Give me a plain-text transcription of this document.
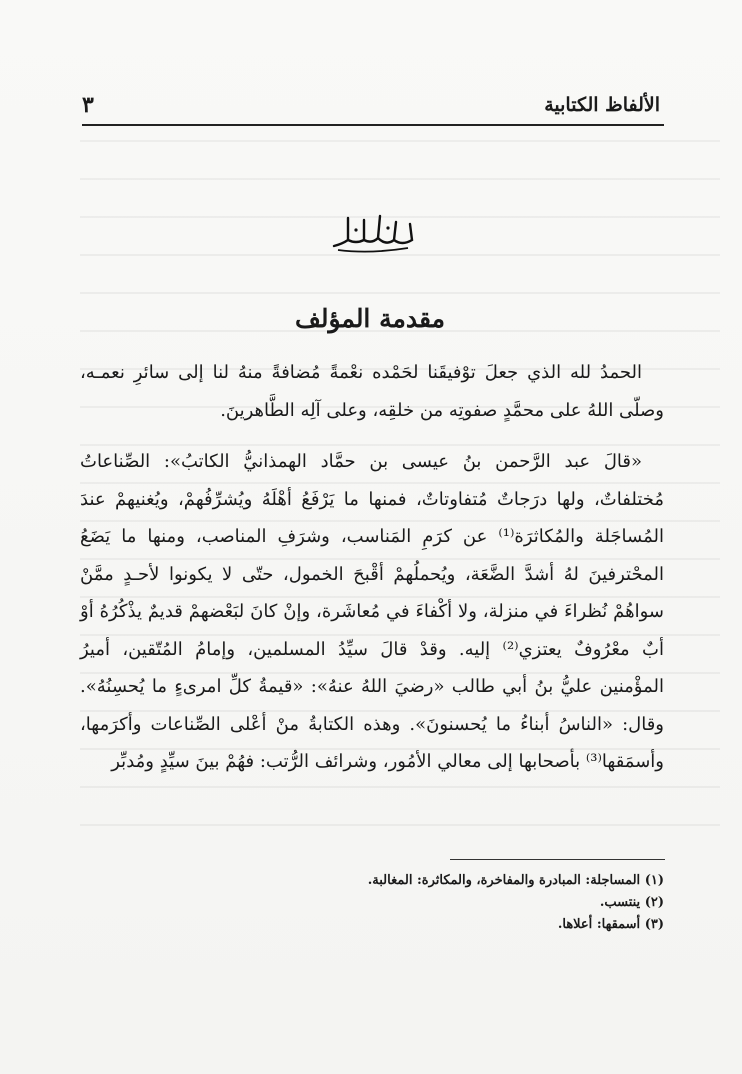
الألفاظ الكتابية
٣
مقدمة المؤلف

الحمدُ لله الذي جعلَ توْفيقَنا لحَمْده نعْمةً مُضافةً منهُ لنا إلى سائرِ نعمـه، وصلّى اللهُ على محمَّدٍ صفوتِه من خلقِه، وعلى آلِه الطَّاهرينَ.

«قالَ عبد الرَّحمن بنُ عيسى بن حمَّاد الهمذانيُّ الكاتبُ»: الصِّناعاتُ مُختلفاتٌ، ولها درَجاتٌ مُتفاوتاتٌ، فمنها ما يَرْفَعُ أهْلَهُ ويُشرِّفُهمْ، ويُغنيهمْ عندَ المُساجَلة والمُكاثرَة⁽¹⁾ عن كرَمِ المَناسب، وشرَفِ المناصب، ومنها ما يَضَعُ المحْترفينَ لهُ أشدَّ الضَّعَة، ويُحملُهمْ أقْبحَ الخمول، حتّى لا يكونوا لأحـدٍ ممَّنْ سواهُمْ نُظراءَ في منزلة، ولا أكْفاءَ في مُعاشَرة، وإنْ كانَ لبَعْضهمْ قديمٌ يذْكُرُهُ أوْ أبٌ معْرُوفٌ يعتزي⁽²⁾ إليه. وقدْ قالَ سيِّدُ المسلمين، وإمامُ المُتّقين، أميرُ المؤْمنين عليُّ بنُ أبي طالب «رضيَ اللهُ عنهُ»: «قيمةُ كلِّ امرىءٍ ما يُحسِنُهُ». وقال: «الناسُ أبناءُ ما يُحسنونَ». وهذه الكتابةُ منْ أعْلى الصِّناعات وأكرَمها، وأسمَقها⁽³⁾ بأصحابها إلى معالي الأمُور، وشرائف الرُّتب: فهُمْ بينَ سيِّدٍ ومُدبِّر

(١) المساجلة: المبادرة والمفاخرة، والمكاثرة: المغالبة.
(٢) ينتسب.
(٣) أسمقها: أعلاها.
